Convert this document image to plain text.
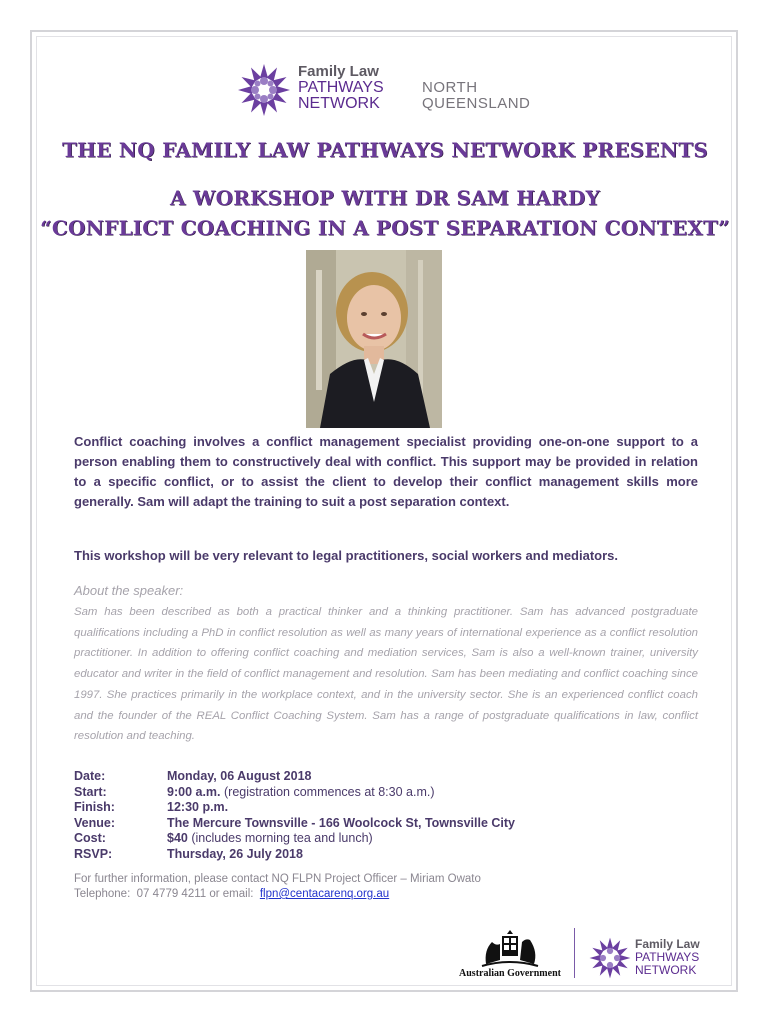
Family Law
PATHWAYS
NETWORK
NORTH
QUEENSLAND
THE NQ FAMILY LAW PATHWAYS NETWORK PRESENTS
A WORKSHOP WITH DR SAM HARDY
“CONFLICT COACHING IN A POST SEPARATION CONTEXT”

Conflict coaching involves a conflict management specialist providing one-on-one support to a person enabling them to constructively deal with conflict. This support may be provided in relation to a specific conflict, or to assist the client to develop their conflict management skills more generally. Sam will adapt the training to suit a post separation context.

This workshop will be very relevant to legal practitioners, social workers and mediators.

About the speaker:

Sam has been described as both a practical thinker and a thinking practitioner. Sam has advanced postgraduate qualifications including a PhD in conflict resolution as well as many years of international experience as a conflict resolution practitioner. In addition to offering conflict coaching and mediation services, Sam is also a well-known trainer, university educator and writer in the field of conflict management and resolution. Sam has been mediating and conflict coaching since 1997. She practices primarily in the workplace context, and in the university sector. She is an experienced conflict coach and the founder of the REAL Conflict Coaching System. Sam has a range of postgraduate qualifications in law, conflict resolution and teaching.

Date:	Monday, 06 August 2018
Start:	9:00 a.m. (registration commences at 8:30 a.m.)
Finish:	12:30 p.m.
Venue:	The Mercure Townsville - 166 Woolcock St, Townsville City
Cost:	$40 (includes morning tea and lunch)
RSVP:	Thursday, 26 July 2018
For further information, please contact NQ FLPN Project Officer – Miriam Owato
Telephone:  07 4779 4211 or email:  flpn@centacarenq.org.au
Australian Government
Family Law
PATHWAYS
NETWORK
